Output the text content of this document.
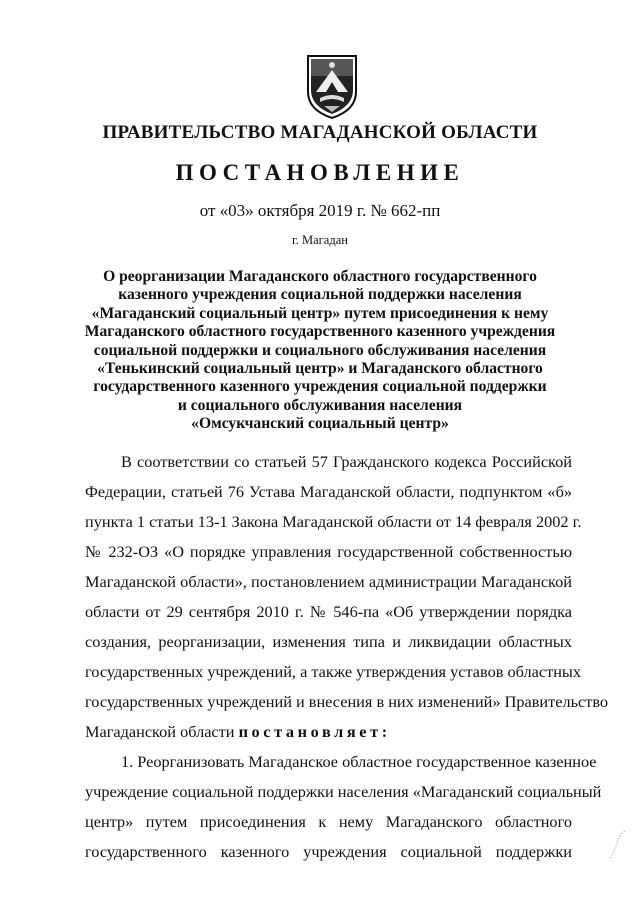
ПРАВИТЕЛЬСТВО МАГАДАНСКОЙ ОБЛАСТИ
ПОСТАНОВЛЕНИЕ
от «03» октября 2019 г. № 662-пп
г. Магадан
О реорганизации Магаданского областного государственного
казенного учреждения социальной поддержки населения
«Магаданский социальный центр» путем присоединения к нему
Магаданского областного государственного казенного учреждения
социальной поддержки и социального обслуживания населения
«Тенькинский социальный центр» и Магаданского областного
государственного казенного учреждения социальной поддержки
и социального обслуживания населения
«Омсукчанский социальный центр»
В соответствии со статьей 57 Гражданского кодекса Российской
Федерации, статьей 76 Устава Магаданской области, подпунктом «б»
пункта 1 статьи 13-1 Закона Магаданской области от 14 февраля 2002 г.
№ 232-ОЗ «О порядке управления государственной собственностью
Магаданской области», постановлением администрации Магаданской
области от 29 сентября 2010 г. № 546-па «Об утверждении порядка
создания, реорганизации, изменения типа и ликвидации областных
государственных учреждений, а также утверждения уставов областных
государственных учреждений и внесения в них изменений» Правительство
Магаданской области постановляет:
1. Реорганизовать Магаданское областное государственное казенное
учреждение социальной поддержки населения «Магаданский социальный
центр» путем присоединения к нему Магаданского областного
государственного казенного учреждения социальной поддержки
